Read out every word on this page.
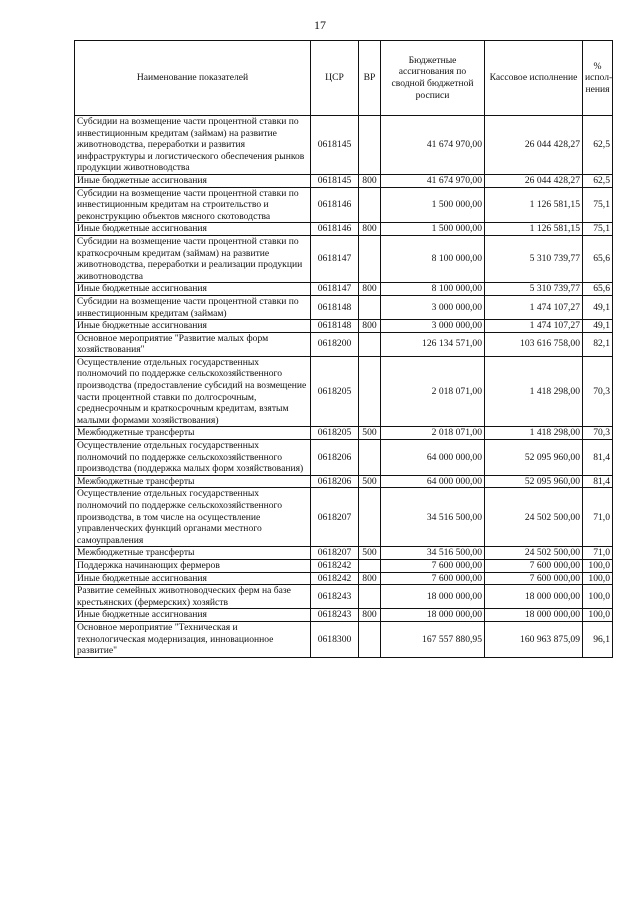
17
Наименование показателей	ЦСР	ВР	Бюджетные ассигнования по сводной бюджетной росписи	Кассовое исполнение	% испол-нения
Субсидии на возмещение части процентной ставки по инвестиционным кредитам (займам) на развитие животноводства, переработки и развития инфраструктуры и логистического обеспечения рынков продукции животноводства	0618145		41 674 970,00	26 044 428,27	62,5
Иные бюджетные ассигнования	0618145	800	41 674 970,00	26 044 428,27	62,5
Субсидии на возмещение части процентной ставки по инвестиционным кредитам на строительство и реконструкцию объектов мясного скотоводства	0618146		1 500 000,00	1 126 581,15	75,1
Иные бюджетные ассигнования	0618146	800	1 500 000,00	1 126 581,15	75,1
Субсидии на возмещение части процентной ставки по краткосрочным кредитам (займам) на развитие животноводства, переработки и реализации продукции животноводства	0618147		8 100 000,00	5 310 739,77	65,6
Иные бюджетные ассигнования	0618147	800	8 100 000,00	5 310 739,77	65,6
Субсидии на возмещение части процентной ставки по инвестиционным кредитам (займам)	0618148		3 000 000,00	1 474 107,27	49,1
Иные бюджетные ассигнования	0618148	800	3 000 000,00	1 474 107,27	49,1
Основное мероприятие "Развитие малых форм хозяйствования"	0618200		126 134 571,00	103 616 758,00	82,1
Осуществление отдельных государственных полномочий по поддержке сельскохозяйственного производства (предоставление субсидий на возмещение части процентной ставки по долгосрочным, среднесрочным и краткосрочным кредитам, взятым малыми формами хозяйствования)	0618205		2 018 071,00	1 418 298,00	70,3
Межбюджетные трансферты	0618205	500	2 018 071,00	1 418 298,00	70,3
Осуществление отдельных государственных полномочий по поддержке сельскохозяйственного производства (поддержка малых форм хозяйствования)	0618206		64 000 000,00	52 095 960,00	81,4
Межбюджетные трансферты	0618206	500	64 000 000,00	52 095 960,00	81,4
Осуществление отдельных государственных полномочий по поддержке сельскохозяйственного производства, в том числе на осуществление управленческих функций органами местного самоуправления	0618207		34 516 500,00	24 502 500,00	71,0
Межбюджетные трансферты	0618207	500	34 516 500,00	24 502 500,00	71,0
Поддержка начинающих фермеров	0618242		7 600 000,00	7 600 000,00	100,0
Иные бюджетные ассигнования	0618242	800	7 600 000,00	7 600 000,00	100,0
Развитие семейных животноводческих ферм на базе крестьянских (фермерских) хозяйств	0618243		18 000 000,00	18 000 000,00	100,0
Иные бюджетные ассигнования	0618243	800	18 000 000,00	18 000 000,00	100,0
Основное мероприятие "Техническая и технологическая модернизация, инновационное развитие"	0618300		167 557 880,95	160 963 875,09	96,1
